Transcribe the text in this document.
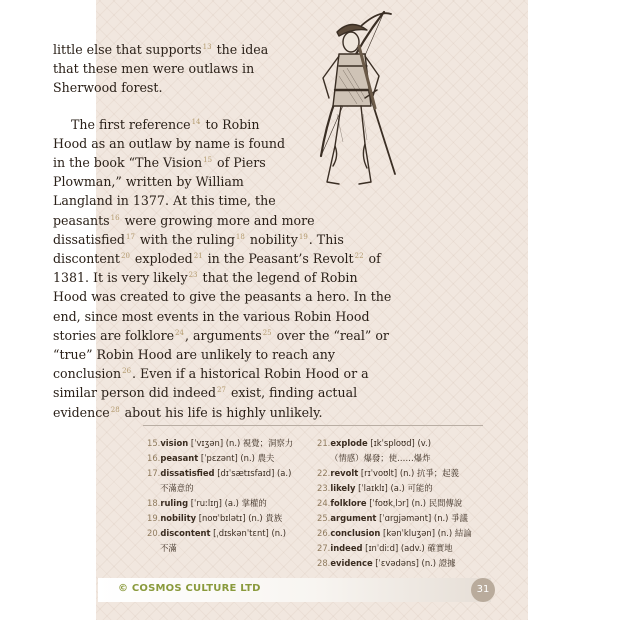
little else that supports$^{13}$ the idea that these men were outlaws in Sherwood forest.

The first reference$^{14}$ to Robin Hood as an outlaw by name is found in the book “The Vision$^{15}$ of Piers Plowman,” written by William Langland in 1377. At this time, the peasants$^{16}$ were growing more and more dissatisfied$^{17}$ with the ruling$^{18}$ nobility$^{19}$. This discontent$^{20}$ exploded$^{21}$ in the Peasant’s Revolt$^{22}$ of 1381. It is very likely$^{23}$ that the legend of Robin Hood was created to give the peasants a hero. In the end, since most events in the various Robin Hood stories are folklore$^{24}$, arguments$^{25}$ over the “real” or “true” Robin Hood are unlikely to reach any conclusion$^{26}$. Even if a historical Robin Hood or a similar person did indeed$^{27}$ exist, finding actual evidence$^{28}$ about his life is highly unlikely.

15.vision [ˈvɪʒən] (n.) 視覺；洞察力
16.peasant [ˈpɛzənt] (n.) 農夫
17.dissatisfied [dɪˈsætɪsfaɪd] (a.)
不滿意的
18.ruling [ˈruːlɪŋ] (a.) 掌權的
19.nobility [noʊˈbɪlətɪ] (n.) 貴族
20.discontent [ˌdɪskənˈtɛnt] (n.)
不滿
21.explode [ɪkˈsploʊd] (v.)
（情感）爆發；使……爆炸
22.revolt [rɪˈvoʊlt] (n.) 抗爭；起義
23.likely [ˈlaɪklɪ] (a.) 可能的
24.folklore [ˈfoʊkˌlɔr] (n.) 民間傳說
25.argument [ˈɑrgjəmənt] (n.) 爭議
26.conclusion [kənˈkluʒən] (n.) 結論
27.indeed [ɪnˈdiːd] (adv.) 確實地
28.evidence [ˈɛvədəns] (n.) 證據
© COSMOS CULTURE LTD	31
